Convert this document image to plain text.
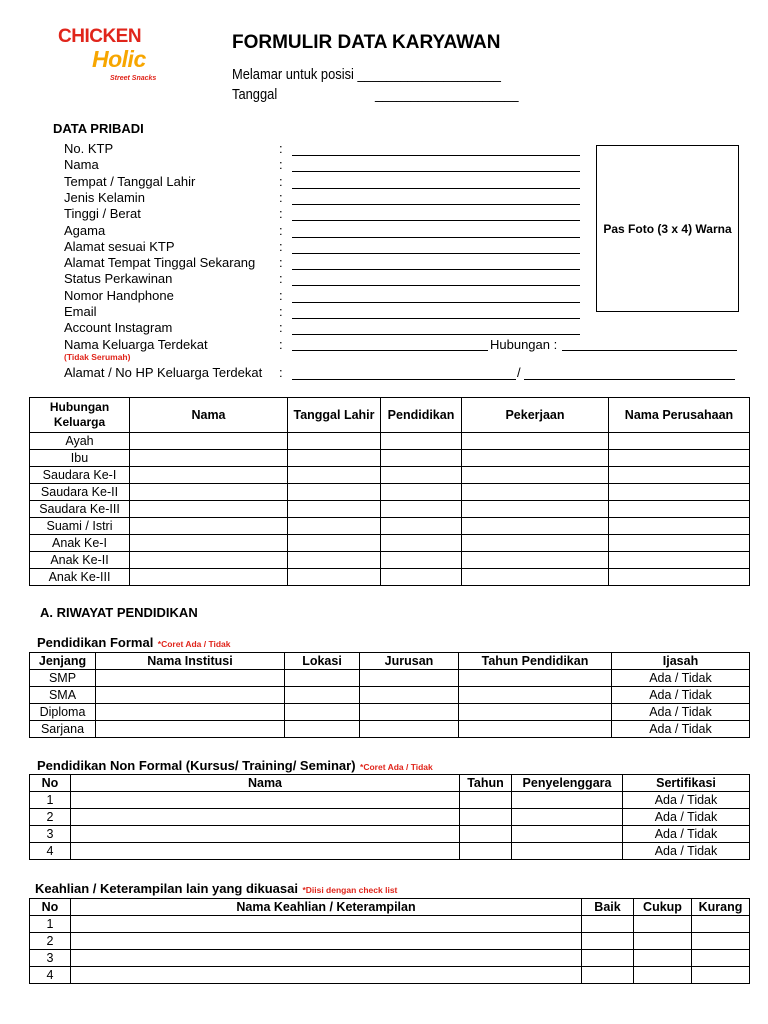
CHICKEN
Holic
Street Snacks
FORMULIR DATA KARYAWAN
Melamar untuk posisi ____________________
Tanggal	____________________
DATA PRIBADI
No. KTP	:
Nama	:
Tempat / Tanggal Lahir	:
Jenis Kelamin	:
Tinggi / Berat	:
Agama	:
Alamat sesuai KTP	:
Alamat Tempat Tinggal Sekarang :
Status Perkawinan	:
Nomor Handphone	:
Email	:
Account Instagram	:
Nama Keluarga Terdekat
(Tidak Serumah)
:	Hubungan :
Alamat / No HP Keluarga Terdekat :	/
Pas Foto (3 x 4) Warna
Hubungan Keluarga	Nama	Tanggal Lahir	Pendidikan	Pekerjaan	Nama Perusahaan
Ayah					
Ibu					
Saudara Ke-I					
Saudara Ke-II					
Saudara Ke-III					
Suami / Istri					
Anak Ke-I					
Anak Ke-II					
Anak Ke-III					
A. RIWAYAT PENDIDIKAN
Pendidikan Formal *Coret Ada / Tidak
Jenjang	Nama Institusi	Lokasi	Jurusan	Tahun Pendidikan	Ijasah
SMP					Ada / Tidak
SMA					Ada / Tidak
Diploma					Ada / Tidak
Sarjana					Ada / Tidak
Pendidikan Non Formal (Kursus/ Training/ Seminar) *Coret Ada / Tidak
No	Nama	Tahun	Penyelenggara	Sertifikasi
1				Ada / Tidak
2				Ada / Tidak
3				Ada / Tidak
4				Ada / Tidak
Keahlian / Keterampilan lain yang dikuasai *Diisi dengan check list
No	Nama Keahlian / Keterampilan	Baik	Cukup	Kurang
1				
2				
3				
4				
